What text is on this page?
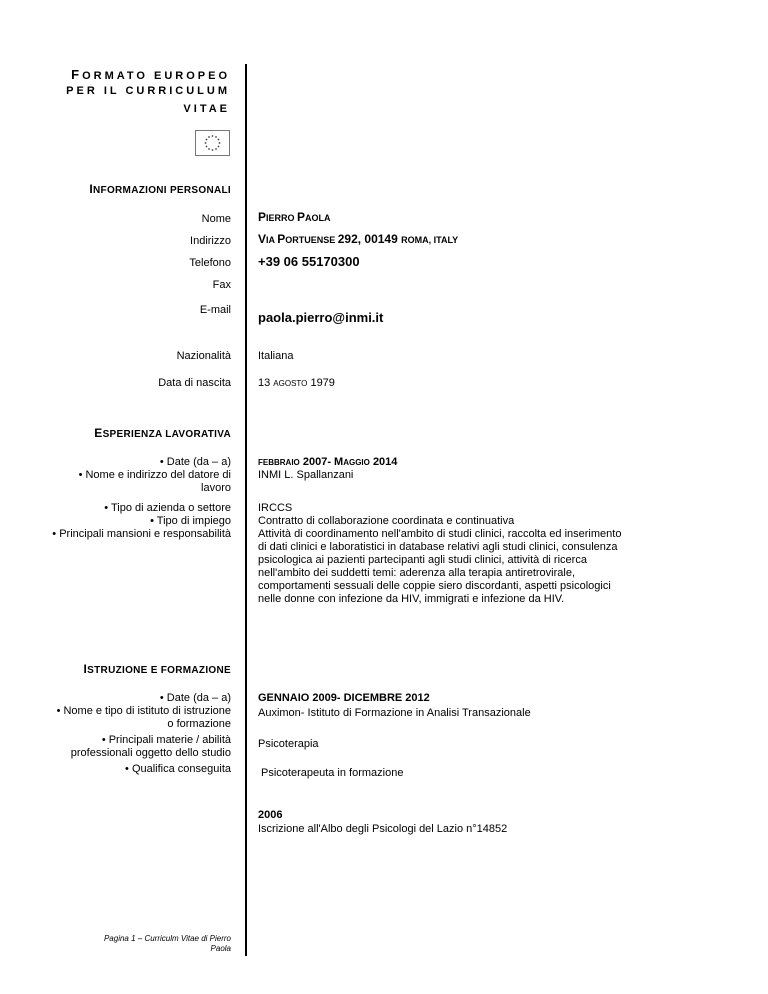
FORMATO EUROPEO
PER IL CURRICULUM
VITAE
INFORMAZIONI PERSONALI
Nome PIERRO PAOLA
Indirizzo VIA PORTUENSE 292, 00149 ROMA, ITALY
Telefono +39 06 55170300
Fax
E-mail paola.pierro@inmi.it
Nazionalità Italiana
Data di nascita 13 AGOSTO 1979
ESPERIENZA LAVORATIVA
• Date (da – a)
• Nome e indirizzo del datore di lavoro
• Tipo di azienda o settore
• Tipo di impiego
• Principali mansioni e responsabilità
FEBBRAIO 2007- MAGGIO 2014
INMI L. Spallanzani
IRCCS
Contratto di collaborazione coordinata e continuativa
Attività di coordinamento nell'ambito di studi clinici, raccolta ed inserimento di dati clinici e laboratistici in database relativi agli studi clinici, consulenza psicologica ai pazienti partecipanti agli studi clinici, attività di ricerca nell'ambito dei suddetti temi: aderenza alla terapia antiretrovirale, comportamenti sessuali delle coppie siero discordanti, aspetti psicologici nelle donne con infezione da HIV, immigrati e infezione da HIV.
ISTRUZIONE E FORMAZIONE
• Date (da – a)
• Nome e tipo di istituto di istruzione o formazione
• Principali materie / abilità professionali oggetto dello studio
• Qualifica conseguita
GENNAIO 2009- DICEMBRE 2012
Auximon- Istituto di Formazione in Analisi Transazionale
Psicoterapia
Psicoterapeuta in formazione
2006
Iscrizione all'Albo degli Psicologi del Lazio n°14852
Pagina 1 – Curriculm Vitae di Pierro Paola
